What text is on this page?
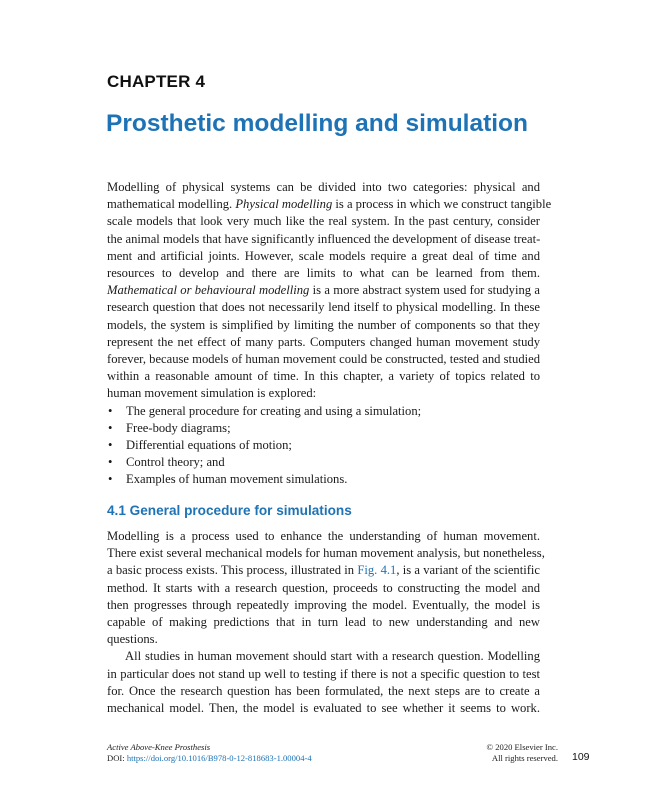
CHAPTER 4
Prosthetic modelling and simulation
Modelling of physical systems can be divided into two categories: physical and
mathematical modelling. Physical modelling is a process in which we construct tangible
scale models that look very much like the real system. In the past century, consider
the animal models that have significantly influenced the development of disease treat-
ment and artificial joints. However, scale models require a great deal of time and
resources to develop and there are limits to what can be learned from them.
Mathematical or behavioural modelling is a more abstract system used for studying a
research question that does not necessarily lend itself to physical modelling. In these
models, the system is simplified by limiting the number of components so that they
represent the net effect of many parts. Computers changed human movement study
forever, because models of human movement could be constructed, tested and studied
within a reasonable amount of time. In this chapter, a variety of topics related to
human movement simulation is explored:
• The general procedure for creating and using a simulation;
• Free-body diagrams;
• Differential equations of motion;
• Control theory; and
• Examples of human movement simulations.
4.1 General procedure for simulations
Modelling is a process used to enhance the understanding of human movement.
There exist several mechanical models for human movement analysis, but nonetheless,
a basic process exists. This process, illustrated in Fig. 4.1, is a variant of the scientific
method. It starts with a research question, proceeds to constructing the model and
then progresses through repeatedly improving the model. Eventually, the model is
capable of making predictions that in turn lead to new understanding and new
questions.
All studies in human movement should start with a research question. Modelling
in particular does not stand up well to testing if there is not a specific question to test
for. Once the research question has been formulated, the next steps are to create a
mechanical model. Then, the model is evaluated to see whether it seems to work.
Active Above-Knee Prosthesis
DOI: https://doi.org/10.1016/B978-0-12-818683-1.00004-4
© 2020 Elsevier Inc.
All rights reserved. 109
